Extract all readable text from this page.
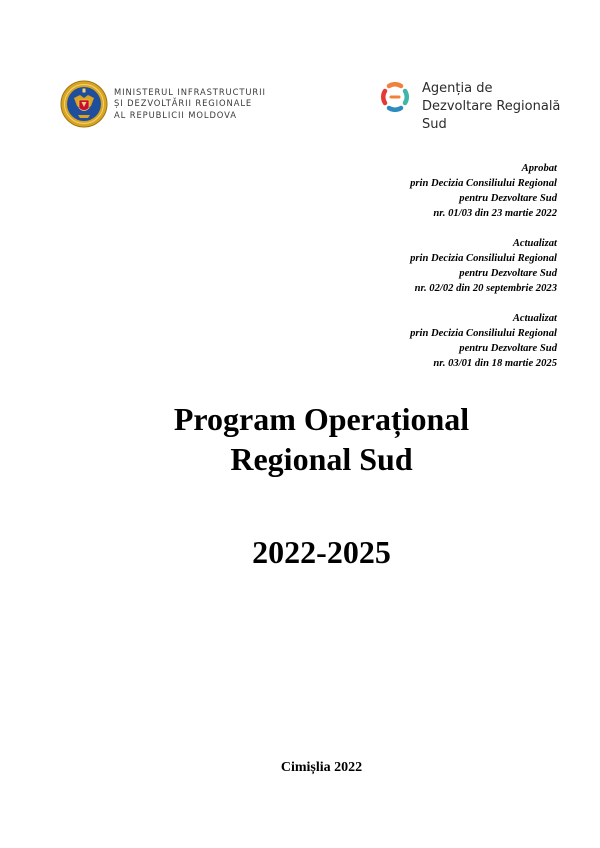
MINISTERUL INFRASTRUCTURII
ȘI DEZVOLTĂRII REGIONALE
AL REPUBLICII MOLDOVA
Agenția de
Dezvoltare Regională
Sud
Aprobat
prin Decizia Consiliului Regional
pentru Dezvoltare Sud
nr. 01/03 din 23 martie 2022
Actualizat
prin Decizia Consiliului Regional
pentru Dezvoltare Sud
nr. 02/02 din 20 septembrie 2023
Actualizat
prin Decizia Consiliului Regional
pentru Dezvoltare Sud
nr. 03/01 din 18 martie 2025
Program Operațional
Regional Sud
2022-2025
Cimișlia 2022
